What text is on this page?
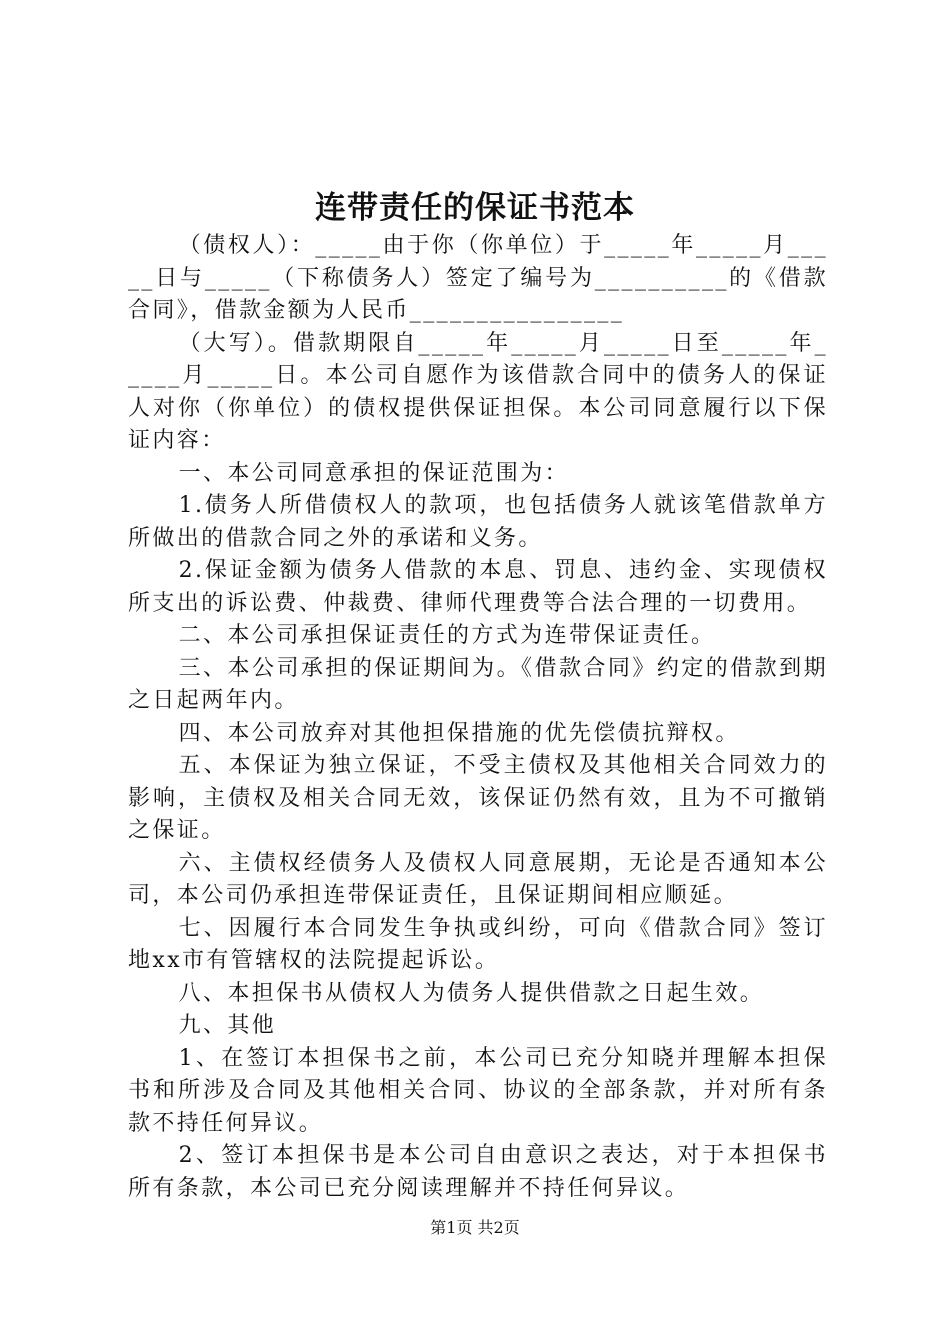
连带责任的保证书范本

（债权人）：_____由于你（你单位）于_____年_____月_____日与_____（下称债务人）签定了编号为__________的《借款合同》，借款金额为人民币________________

（大写）。借款期限自_____年_____月_____日至_____年_____月_____日。本公司自愿作为该借款合同中的债务人的保证人对你（你单位）的债权提供保证担保。本公司同意履行以下保证内容：

一、本公司同意承担的保证范围为：

1.债务人所借债权人的款项，也包括债务人就该笔借款单方所做出的借款合同之外的承诺和义务。

2.保证金额为债务人借款的本息、罚息、违约金、实现债权所支出的诉讼费、仲裁费、律师代理费等合法合理的一切费用。

二、本公司承担保证责任的方式为连带保证责任。

三、本公司承担的保证期间为。《借款合同》约定的借款到期之日起两年内。

四、本公司放弃对其他担保措施的优先偿债抗辩权。

五、本保证为独立保证，不受主债权及其他相关合同效力的影响，主债权及相关合同无效，该保证仍然有效，且为不可撤销之保证。

六、主债权经债务人及债权人同意展期，无论是否通知本公司，本公司仍承担连带保证责任，且保证期间相应顺延。

七、因履行本合同发生争执或纠纷，可向《借款合同》签订地xx市有管辖权的法院提起诉讼。

八、本担保书从债权人为债务人提供借款之日起生效。

九、其他

1、在签订本担保书之前，本公司已充分知晓并理解本担保书和所涉及合同及其他相关合同、协议的全部条款，并对所有条款不持任何异议。

2、签订本担保书是本公司自由意识之表达，对于本担保书所有条款，本公司已充分阅读理解并不持任何异议。

第1页 共2页
